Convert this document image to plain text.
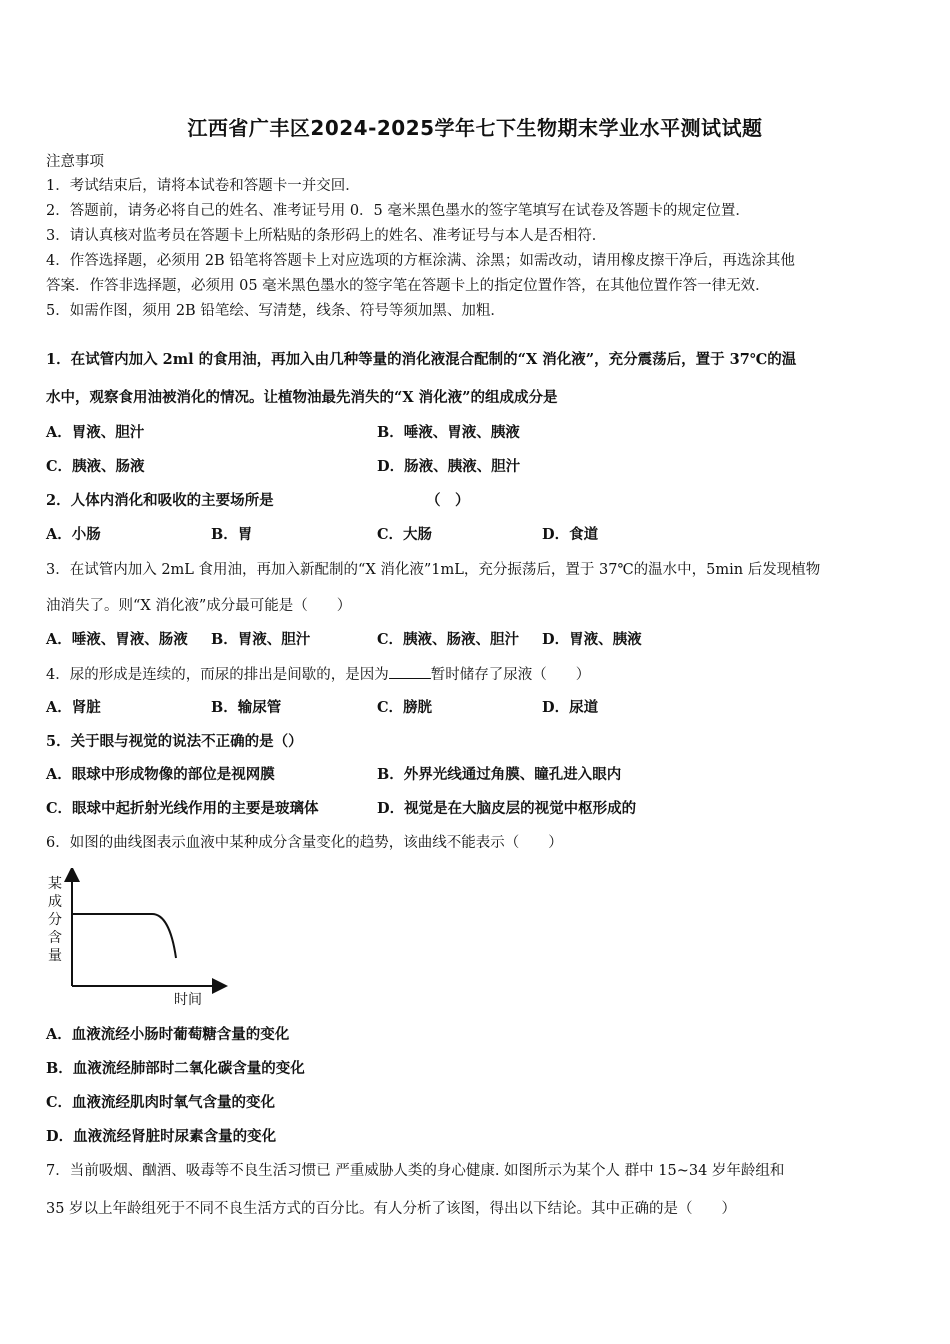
江西省广丰区2024-2025学年七下生物期末学业水平测试试题
注意事项
1．考试结束后，请将本试卷和答题卡一并交回．
2．答题前，请务必将自己的姓名、准考证号用 0．5 毫米黑色墨水的签字笔填写在试卷及答题卡的规定位置．
3．请认真核对监考员在答题卡上所粘贴的条形码上的姓名、准考证号与本人是否相符．
4．作答选择题，必须用 2B 铅笔将答题卡上对应选项的方框涂满、涂黑；如需改动，请用橡皮擦干净后，再选涂其他
答案．作答非选择题，必须用 05 毫米黑色墨水的签字笔在答题卡上的指定位置作答，在其他位置作答一律无效．
5．如需作图，须用 2B 铅笔绘、写清楚，线条、符号等须加黑、加粗．
1．在试管内加入 2ml 的食用油，再加入由几种等量的消化液混合配制的“X 消化液”，充分震荡后，置于 37℃的温
水中，观察食用油被消化的情况。让植物油最先消失的“X 消化液”的组成成分是
A．胃液、胆汁	B．唾液、胃液、胰液
C．胰液、肠液	D．肠液、胰液、胆汁
2．人体内消化和吸收的主要场所是	（　）
A．小肠	B．胃	C．大肠	D．食道
3．在试管内加入 2mL 食用油，再加入新配制的“X 消化液”1mL，充分振荡后，置于 37℃的温水中，5min 后发现植物
油消失了。则“X 消化液”成分最可能是（　　）
A．唾液、胃液、肠液 B．胃液、胆汁	C．胰液、肠液、胆汁 D．胃液、胰液
4．尿的形成是连续的，而尿的排出是间歇的，是因为	暂时储存了尿液（　　）
A．肾脏	B．输尿管	C．膀胱	D．尿道
5．关于眼与视觉的说法不正确的是（）
A．眼球中形成物像的部位是视网膜	B．外界光线通过角膜、瞳孔进入眼内
C．眼球中起折射光线作用的主要是玻璃体	D．视觉是在大脑皮层的视觉中枢形成的
6．如图的曲线图表示血液中某种成分含量变化的趋势，该曲线不能表示（　　）
某
成
分
含
量
时间
A．血液流经小肠时葡萄糖含量的变化
B．血液流经肺部时二氧化碳含量的变化
C．血液流经肌肉时氧气含量的变化
D．血液流经肾脏时尿素含量的变化
7．当前吸烟、酗酒、吸毒等不良生活习惯已 严重威胁人类的身心健康. 如图所示为某个人 群中 15~34 岁年龄组和
35 岁以上年龄组死于不同不良生活方式的百分比。有人分析了该图，得出以下结论。其中正确的是（　　）
